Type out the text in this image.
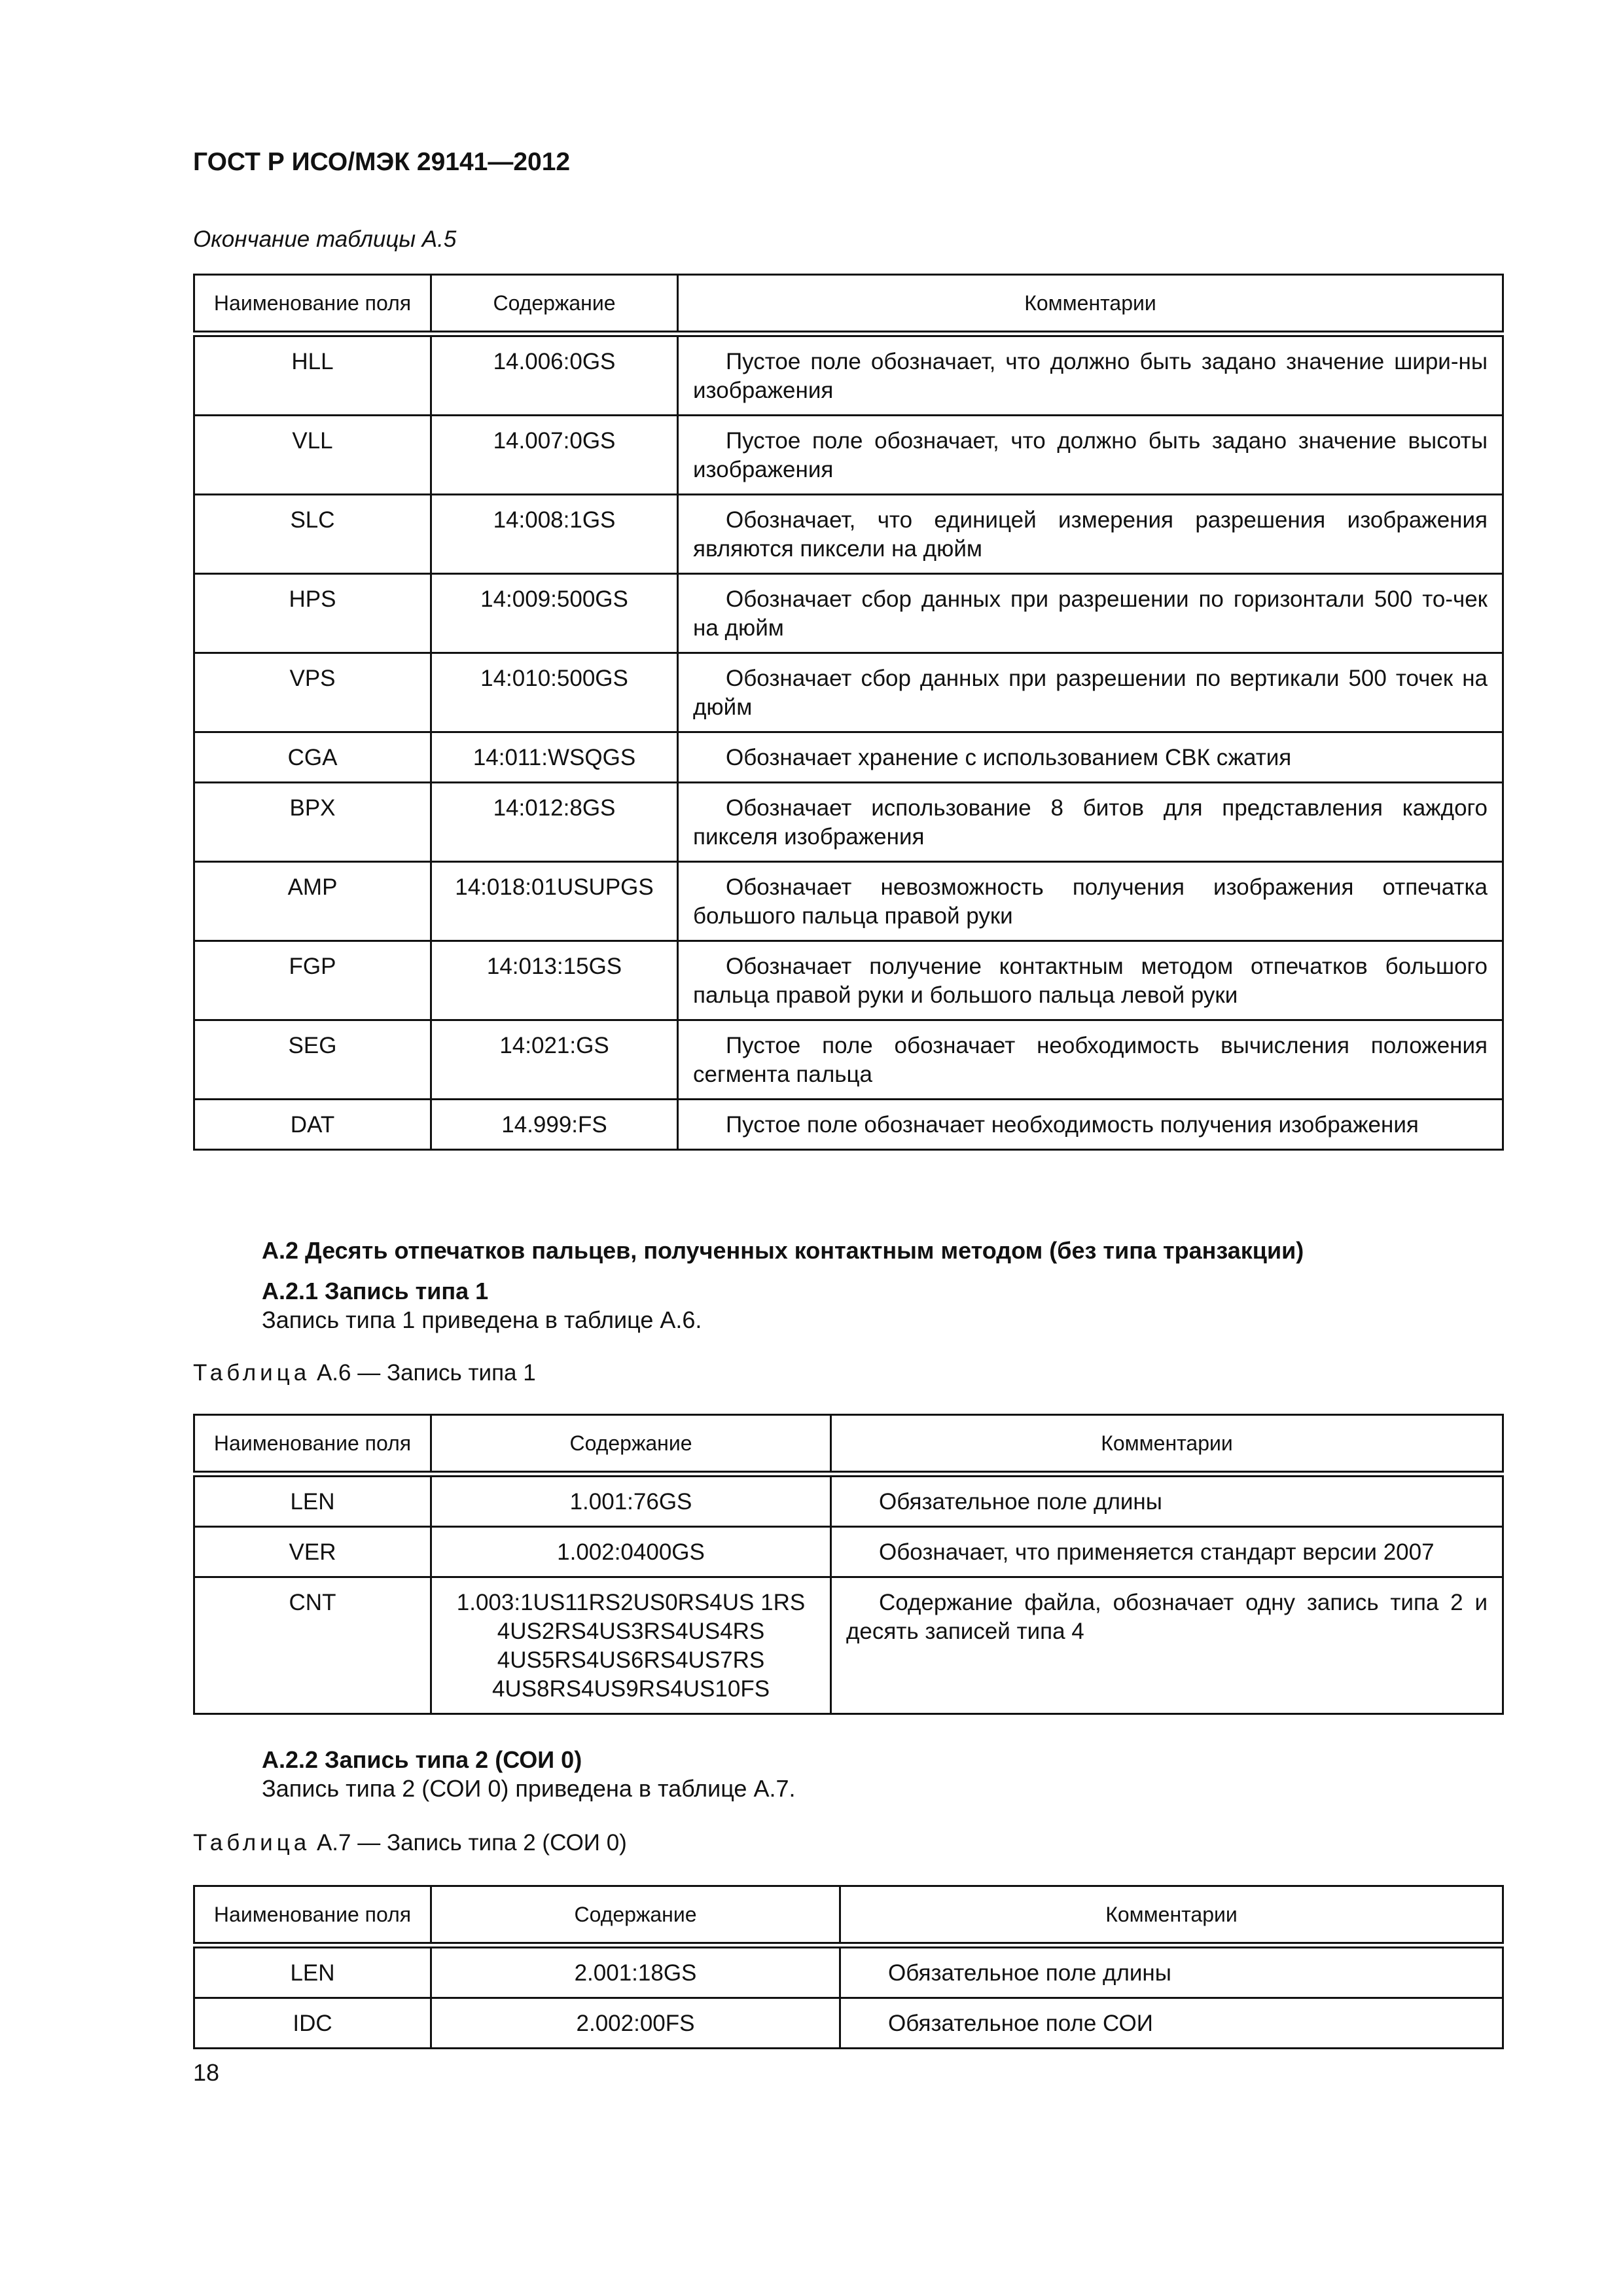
ГОСТ Р ИСО/МЭК 29141—2012
Окончание таблицы А.5
Наименование поля	Содержание	Комментарии
HLL	14.006:0GS	Пустое поле обозначает, что должно быть задано значение шири-ны изображения
VLL	14.007:0GS	Пустое поле обозначает, что должно быть задано значение высоты изображения
SLC	14:008:1GS	Обозначает, что единицей измерения разрешения изображения являются пиксели на дюйм
HPS	14:009:500GS	Обозначает сбор данных при разрешении по горизонтали 500 то-чек на дюйм
VPS	14:010:500GS	Обозначает сбор данных при разрешении по вертикали 500 точек на дюйм
CGA	14:011:WSQGS	Обозначает хранение с использованием СВК сжатия
BPX	14:012:8GS	Обозначает использование 8 битов для представления каждого пикселя изображения
AMP	14:018:01USUPGS	Обозначает невозможность получения изображения отпечатка большого пальца правой руки
FGP	14:013:15GS	Обозначает получение контактным методом отпечатков большого пальца правой руки и большого пальца левой руки
SEG	14:021:GS	Пустое поле обозначает необходимость вычисления положения сегмента пальца
DAT	14.999:FS	Пустое поле обозначает необходимость получения изображения
А.2 Десять отпечатков пальцев, полученных контактным методом (без типа транзакции)
А.2.1 Запись типа 1
Запись типа 1 приведена в таблице А.6.
Таблица А.6 — Запись типа 1
Наименование поля	Содержание	Комментарии
LEN	1.001:76GS	Обязательное поле длины
VER	1.002:0400GS	Обозначает, что применяется стандарт версии 2007
CNT	1.003:1US11RS2US0RS4US 1RS 4US2RS4US3RS4US4RS 4US5RS4US6RS4US7RS 4US8RS4US9RS4US10FS	Содержание файла, обозначает одну запись типа 2 и десять записей типа 4
А.2.2 Запись типа 2 (СОИ 0)
Запись типа 2 (СОИ 0) приведена в таблице А.7.
Таблица А.7 — Запись типа 2 (СОИ 0)
Наименование поля	Содержание	Комментарии
LEN	2.001:18GS	Обязательное поле длины
IDC	2.002:00FS	Обязательное поле СОИ
18
